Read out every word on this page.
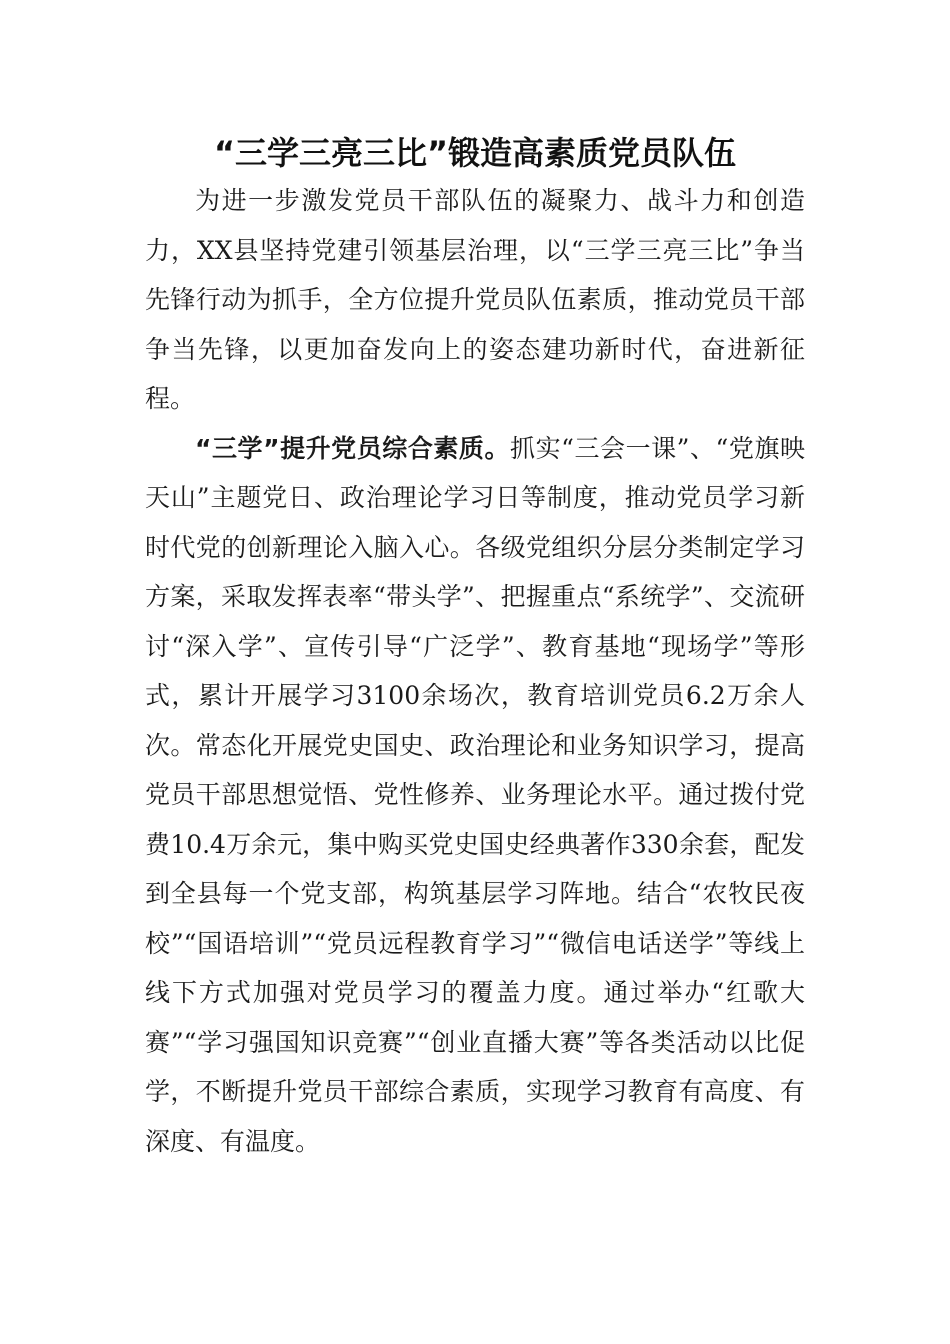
“三学三亮三比”锻造高素质党员队伍

为进一步激发党员干部队伍的凝聚力、战斗力和创造力，XX县坚持党建引领基层治理，以“三学三亮三比”争当先锋行动为抓手，全方位提升党员队伍素质，推动党员干部争当先锋，以更加奋发向上的姿态建功新时代，奋进新征程。

“三学”提升党员综合素质。抓实“三会一课”、“党旗映天山”主题党日、政治理论学习日等制度，推动党员学习新时代党的创新理论入脑入心。各级党组织分层分类制定学习方案，采取发挥表率“带头学”、把握重点“系统学”、交流研讨“深入学”、宣传引导“广泛学”、教育基地“现场学”等形式，累计开展学习3100余场次，教育培训党员6.2万余人次。常态化开展党史国史、政治理论和业务知识学习，提高党员干部思想觉悟、党性修养、业务理论水平。通过拨付党费10.4万余元，集中购买党史国史经典著作330余套，配发到全县每一个党支部，构筑基层学习阵地。结合“农牧民夜校”“国语培训”“党员远程教育学习”“微信电话送学”等线上线下方式加强对党员学习的覆盖力度。通过举办“红歌大赛”“学习强国知识竞赛”“创业直播大赛”等各类活动以比促学，不断提升党员干部综合素质，实现学习教育有高度、有深度、有温度。
